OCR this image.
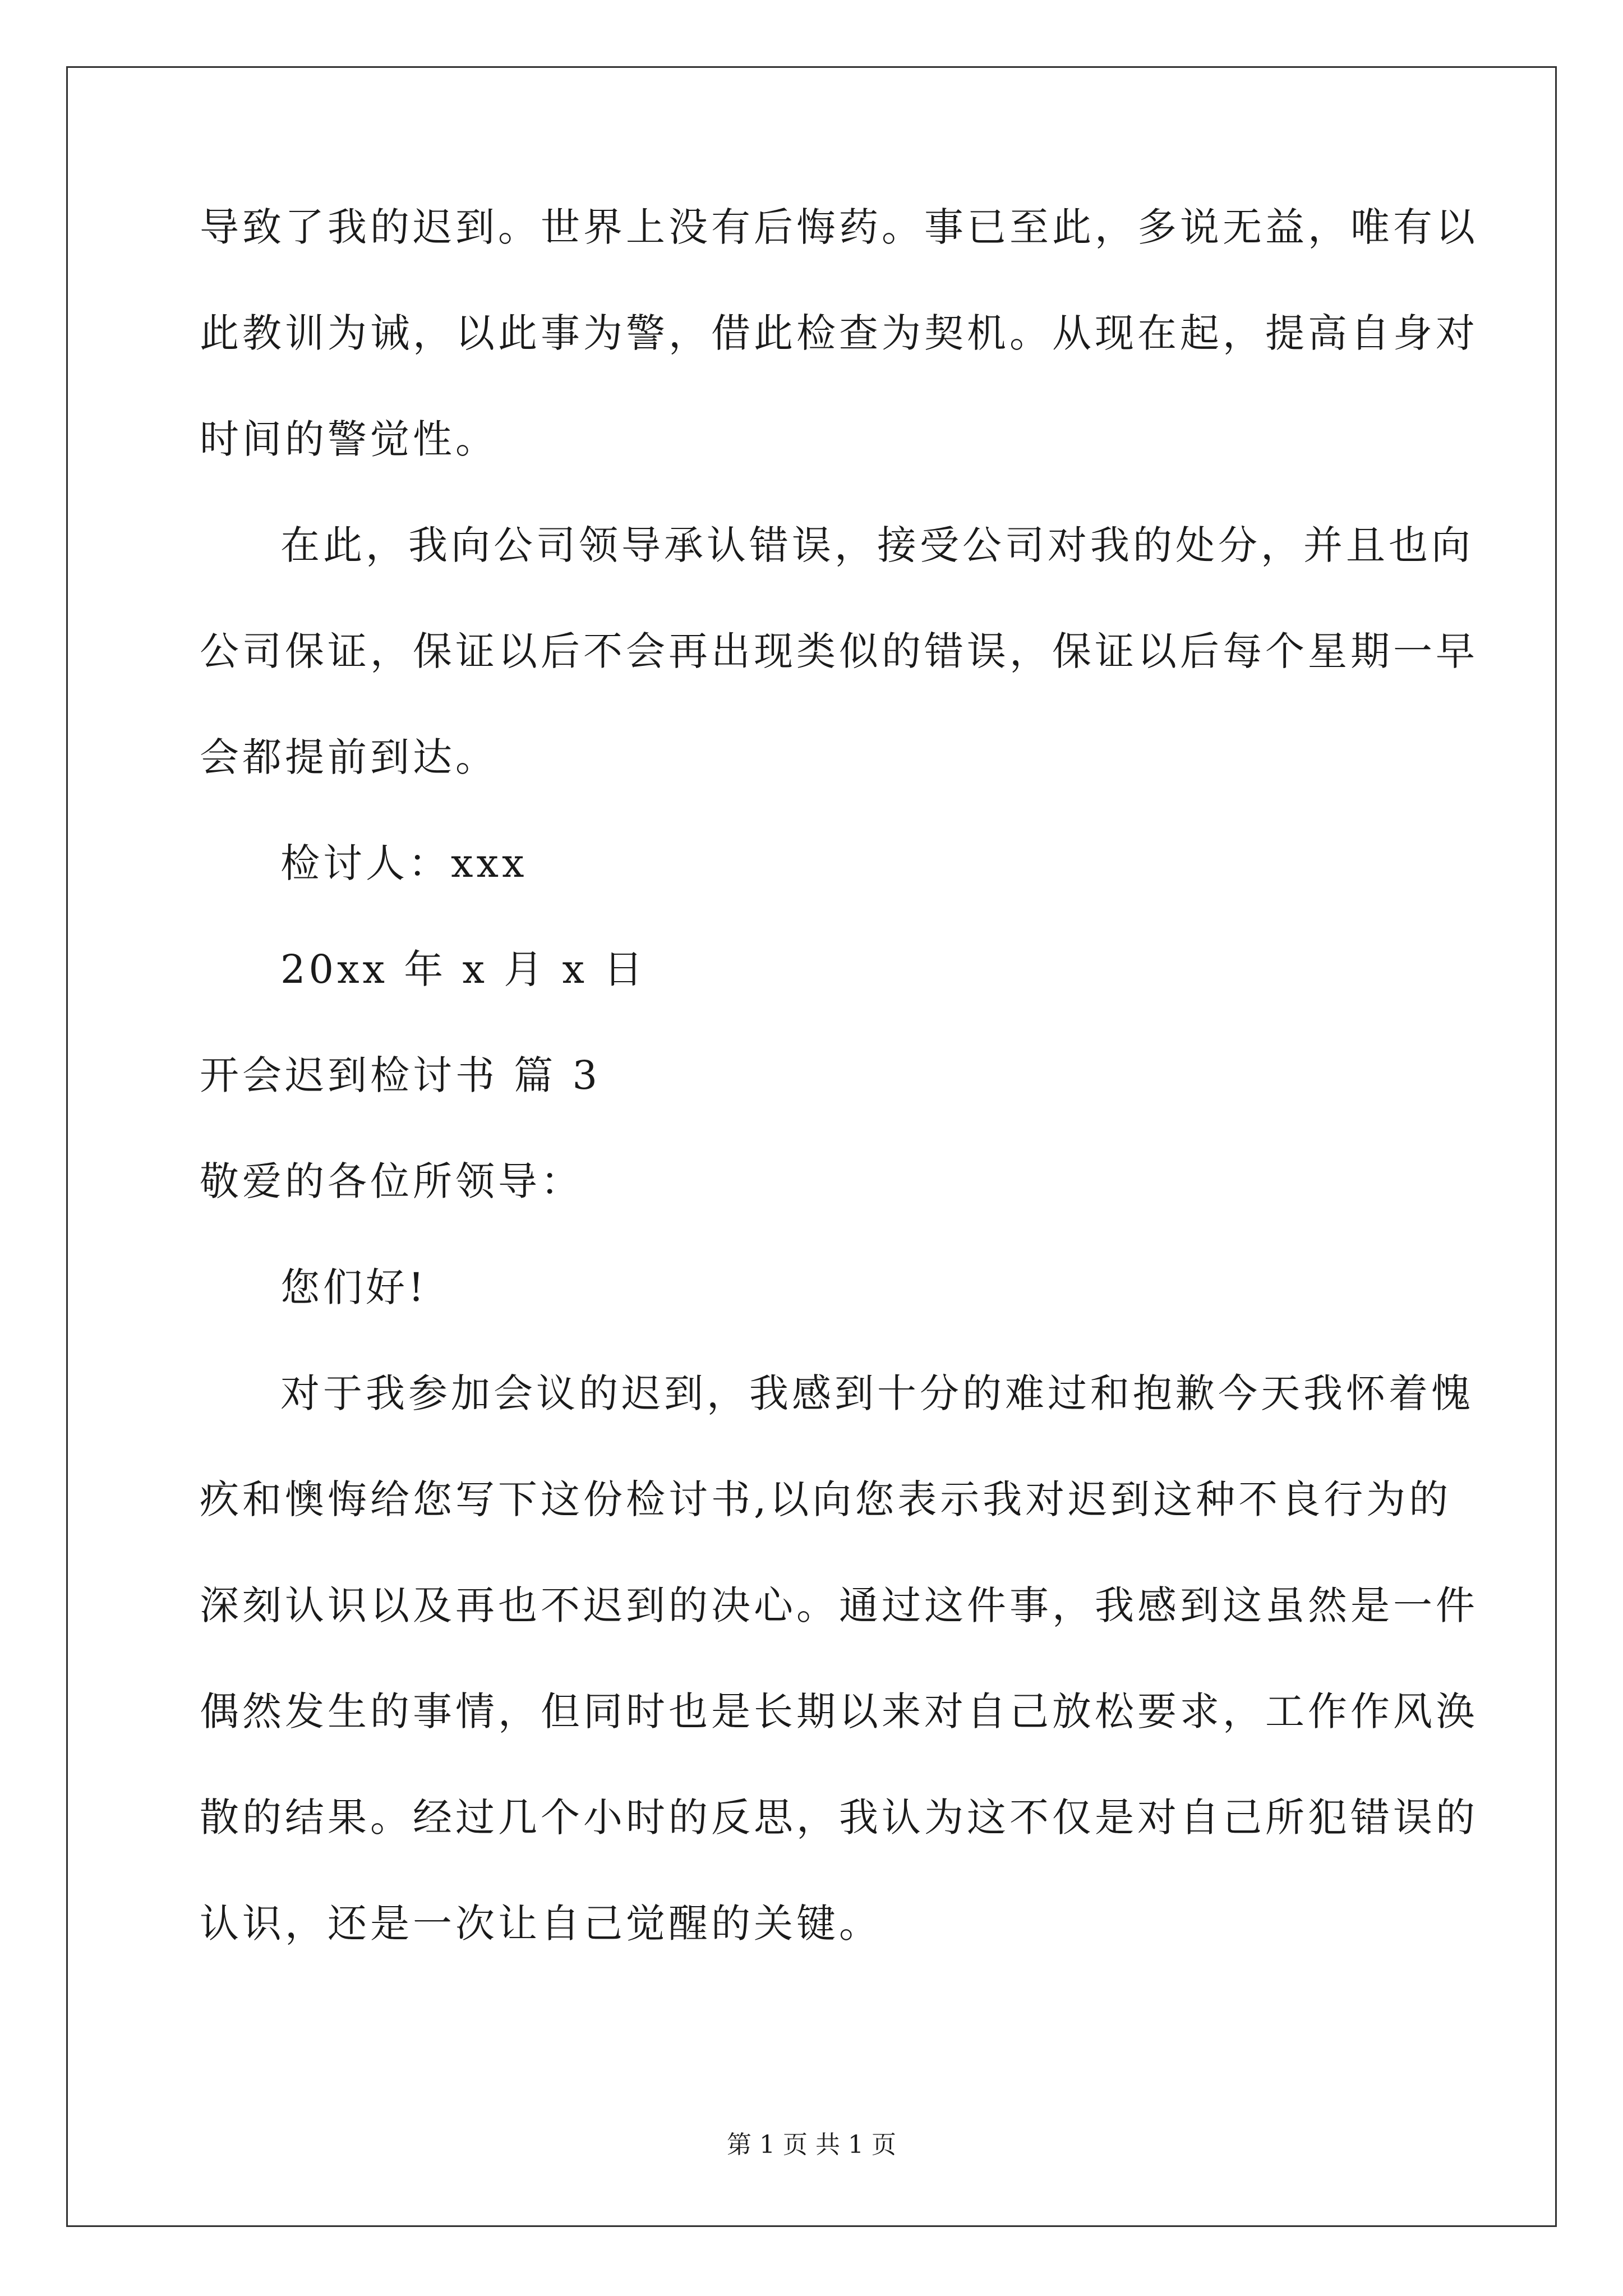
导致了我的迟到。世界上没有后悔药。事已至此，多说无益，唯有以
此教训为诫，以此事为警，借此检查为契机。从现在起，提高自身对
时间的警觉性。
在此，我向公司领导承认错误，接受公司对我的处分，并且也向
公司保证，保证以后不会再出现类似的错误，保证以后每个星期一早
会都提前到达。
检讨人：xxx
20xx 年 x 月 x 日
开会迟到检讨书 篇 3
敬爱的各位所领导：
您们好!
对于我参加会议的迟到，我感到十分的难过和抱歉今天我怀着愧
疚和懊悔给您写下这份检讨书,以向您表示我对迟到这种不良行为的
深刻认识以及再也不迟到的决心。通过这件事，我感到这虽然是一件
偶然发生的事情，但同时也是长期以来对自己放松要求，工作作风涣
散的结果。经过几个小时的反思，我认为这不仅是对自己所犯错误的
认识，还是一次让自己觉醒的关键。
第 1 页 共 1 页
